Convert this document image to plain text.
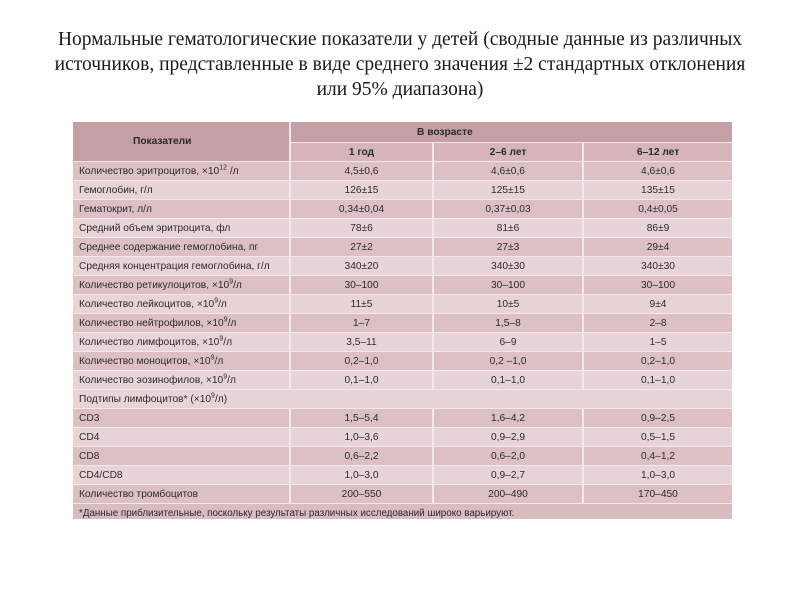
Нормальные гематологические показатели у детей (сводные данные из различных источников, представленные в виде среднего значения ±2 стандартных отклонения или 95% диапазона)
Показатели	В возрасте		
	1 год	2–6 лет	6–12 лет
Количество эритроцитов, $\times 10^{12}$ /л	4,5±0,6	4,6±0,6	4,6±0,6
Гемоглобин, г/л	126±15	125±15	135±15
Гематокрит, л/л	0,34±0,04	0,37±0,03	0,4±0,05
Средний объем эритроцита, фл	78±6	81±6	86±9
Среднее содержание гемоглобина, пг	27±2	27±3	29±4
Средняя концентрация гемоглобина, г/л	340±20	340±30	340±30
Количество ретикулоцитов, $\times 10^9/л$	30–100	30–100	30–100
Количество лейкоцитов, $\times 10^9/л$	11±5	10±5	9±4
Количество нейтрофилов, $\times 10^9/л$	1–7	1,5–8	2–8
Количество лимфоцитов, $\times 10^9/л$	3,5–11	6–9	1–5
Количество моноцитов, $\times 10^9/л$	0,2–1,0	0,2 –1,0	0,2–1,0
Количество эозинофилов, $\times 10^9/л$	0,1–1,0	0,1–1,0	0,1–1,0
Подтипы лимфоцитов* $(\times 10^9/л)$			
CD3	1,5–5,4	1,6–4,2	0,9–2,5
CD4	1,0–3,6	0,9–2,9	0,5–1,5
CD8	0,6–2,2	0,6–2,0	0,4–1,2
CD4/CD8	1,0–3,0	0,9–2,7	1,0–3,0
Количество тромбоцитов	200–550	200–490	170–450
*Данные приблизительные, поскольку результаты различных исследований широко варьируют.			
